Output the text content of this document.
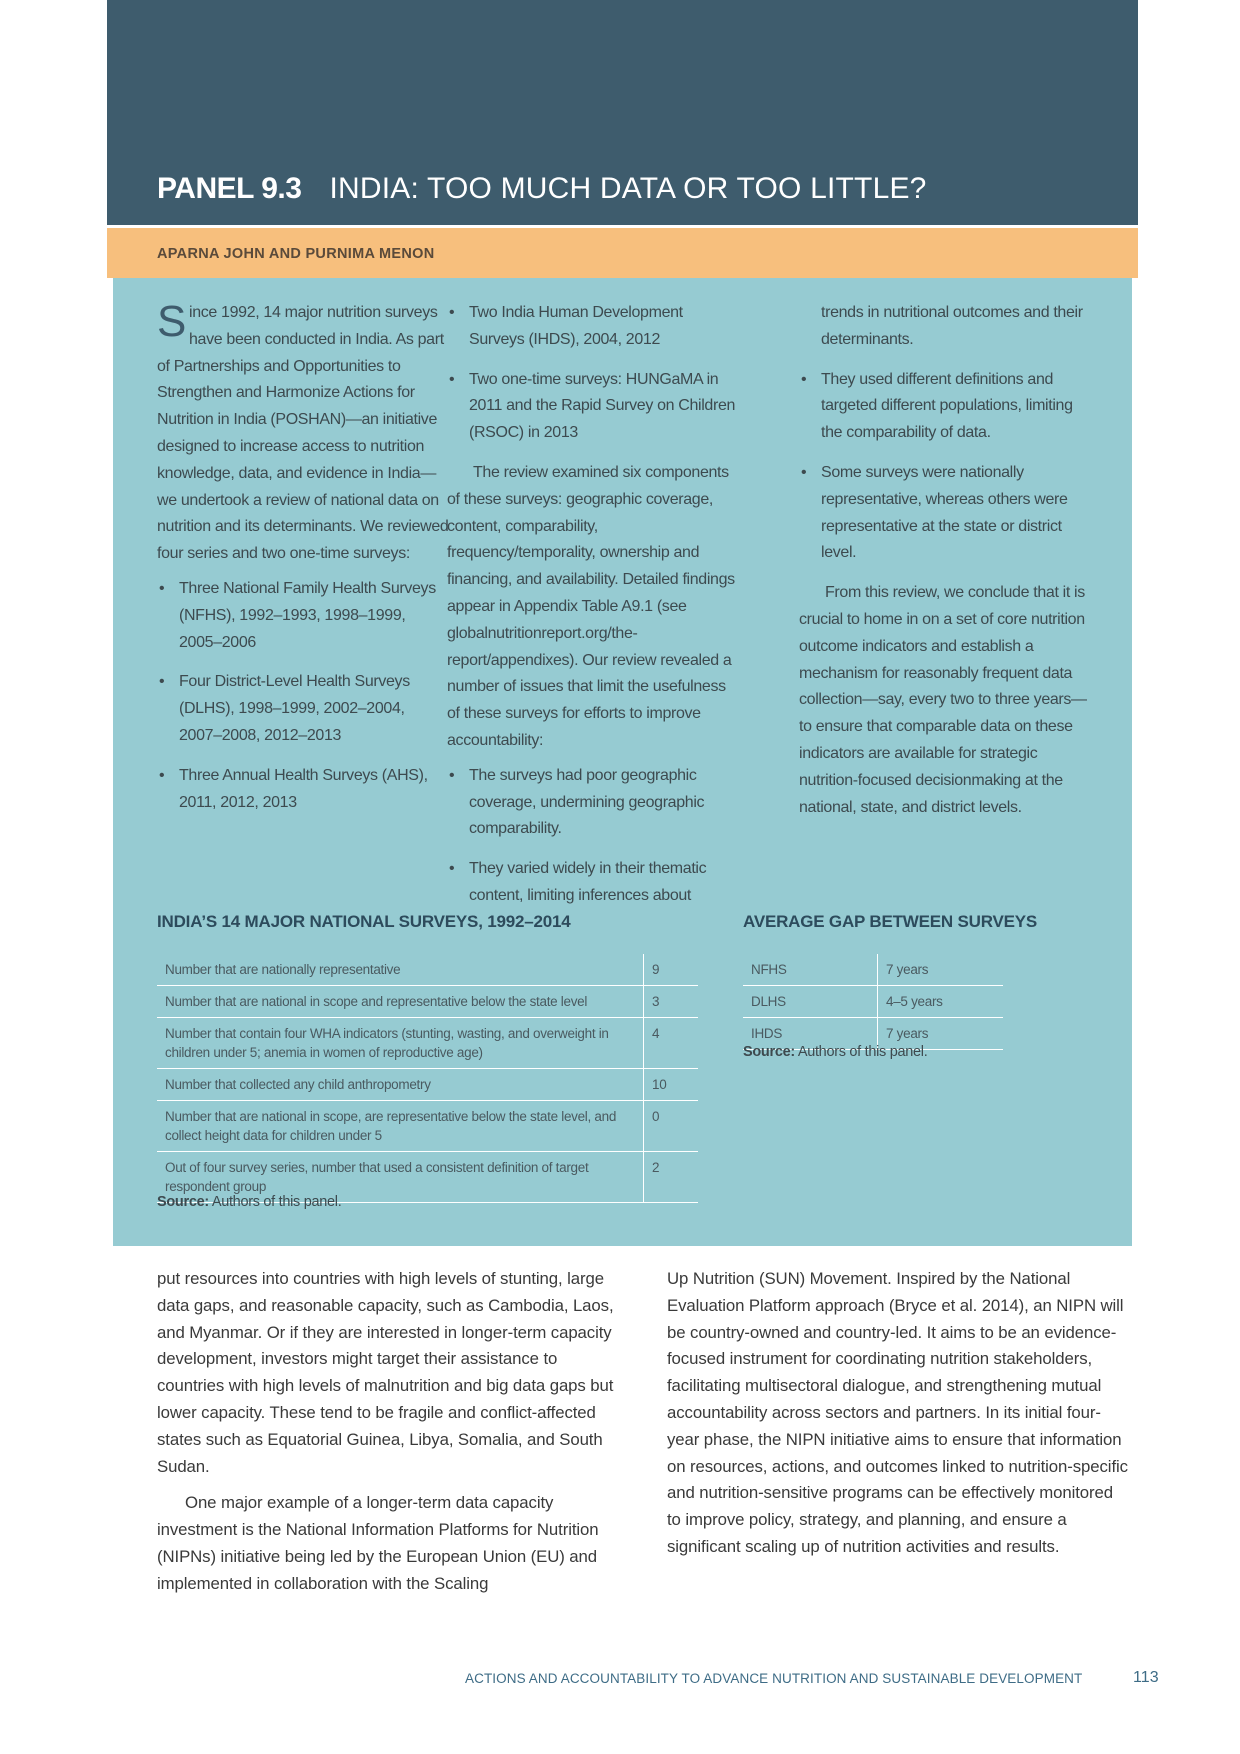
PANEL 9.3 INDIA: TOO MUCH DATA OR TOO LITTLE?
APARNA JOHN AND PURNIMA MENON

Since 1992, 14 major nutrition surveys have been conducted in India. As part of Partnerships and Opportunities to Strengthen and Harmonize Actions for Nutrition in India (POSHAN)—an initiative designed to increase access to nutrition knowledge, data, and evidence in India—we undertook a review of national data on nutrition and its determinants. We reviewed four series and two one-time surveys:

• Three National Family Health Surveys (NFHS), 1992–1993, 1998–1999, 2005–2006
• Four District-Level Health Surveys (DLHS), 1998–1999, 2002–2004, 2007–2008, 2012–2013
• Three Annual Health Surveys (AHS), 2011, 2012, 2013
• Two India Human Development Surveys (IHDS), 2004, 2012
• Two one-time surveys: HUNGaMA in 2011 and the Rapid Survey on Children (RSOC) in 2013

The review examined six components of these surveys: geographic coverage, content, comparability, frequency/temporality, ownership and financing, and availability. Detailed findings appear in Appendix Table A9.1 (see globalnutritionreport.org/the-report/appendixes). Our review revealed a number of issues that limit the usefulness of these surveys for efforts to improve accountability:

• The surveys had poor geographic coverage, undermining geographic comparability.
• They varied widely in their thematic content, limiting inferences about

trends in nutritional outcomes and their determinants.

• They used different definitions and targeted different populations, limiting the comparability of data.
• Some surveys were nationally representative, whereas others were representative at the state or district level.

From this review, we conclude that it is crucial to home in on a set of core nutrition outcome indicators and establish a mechanism for reasonably frequent data collection—say, every two to three years—to ensure that comparable data on these indicators are available for strategic nutrition-focused decisionmaking at the national, state, and district levels.

INDIA’S 14 MAJOR NATIONAL SURVEYS, 1992–2014
Number that are nationally representative	9
Number that are national in scope and representative below the state level	3
Number that contain four WHA indicators (stunting, wasting, and overweight in children under 5; anemia in women of reproductive age)	4
Number that collected any child anthropometry	10
Number that are national in scope, are representative below the state level, and collect height data for children under 5	0
Out of four survey series, number that used a consistent definition of target respondent group	2
Source: Authors of this panel.
AVERAGE GAP BETWEEN SURVEYS
NFHS	7 years
DLHS	4–5 years
IHDS	7 years
Source: Authors of this panel.

put resources into countries with high levels of stunting, large data gaps, and reasonable capacity, such as Cambodia, Laos, and Myanmar. Or if they are interested in longer-term capacity development, investors might target their assistance to countries with high levels of malnutrition and big data gaps but lower capacity. These tend to be fragile and conflict-affected states such as Equatorial Guinea, Libya, Somalia, and South Sudan.

One major example of a longer-term data capacity investment is the National Information Platforms for Nutrition (NIPNs) initiative being led by the European Union (EU) and implemented in collaboration with the Scaling

Up Nutrition (SUN) Movement. Inspired by the National Evaluation Platform approach (Bryce et al. 2014), an NIPN will be country-owned and country-led. It aims to be an evidence-focused instrument for coordinating nutrition stakeholders, facilitating multisectoral dialogue, and strengthening mutual accountability across sectors and partners. In its initial four-year phase, the NIPN initiative aims to ensure that information on resources, actions, and outcomes linked to nutrition-specific and nutrition-sensitive programs can be effectively monitored to improve policy, strategy, and planning, and ensure a significant scaling up of nutrition activities and results.

ACTIONS AND ACCOUNTABILITY TO ADVANCE NUTRITION AND SUSTAINABLE DEVELOPMENT	113
